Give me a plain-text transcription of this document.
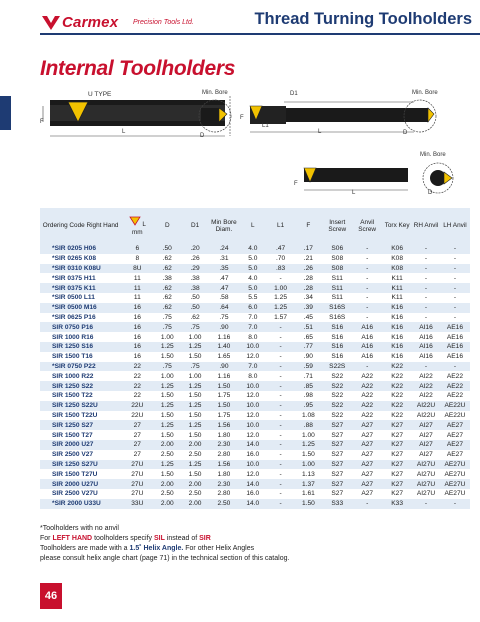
Carmex Precision Tools Ltd.	Thread Turning Toolholders
Internal Toolholders
U TYPE
F
L
Min. Bore
D
D1
F
L1
L
Min. Bore
D
F
L
Min. Bore
D
Ordering Code Right Hand	L
mm	D	D1	Min Bore Diam.	L	L1	F	Insert Screw	Anvil Screw	Torx Key	RH Anvil	LH Anvil
*SIR 0205 H06	6	.50	.20	.24	4.0	.47	.17	S06	-	K06	-	-
*SIR 0265 K08	8	.62	.26	.31	5.0	.70	.21	S08	-	K08	-	-
*SIR 0310 K08U	8U	.62	.29	.35	5.0	.83	.26	S08	-	K08	-	-
*SIR 0375 H11	11	.38	.38	.47	4.0	-	.28	S11	-	K11	-	-
*SIR 0375 K11	11	.62	.38	.47	5.0	1.00	.28	S11	-	K11	-	-
*SIR 0500 L11	11	.62	.50	.58	5.5	1.25	.34	S11	-	K11	-	-
*SIR 0500 M16	16	.62	.50	.64	6.0	1.25	.39	S16S	-	K16	-	-
*SIR 0625 P16	16	.75	.62	.75	7.0	1.57	.45	S16S	-	K16	-	-
SIR 0750 P16	16	.75	.75	.90	7.0	-	.51	S16	A16	K16	AI16	AE16
SIR 1000 R16	16	1.00	1.00	1.16	8.0	-	.65	S16	A16	K16	AI16	AE16
SIR 1250 S16	16	1.25	1.25	1.40	10.0	-	.77	S16	A16	K16	AI16	AE16
SIR 1500 T16	16	1.50	1.50	1.65	12.0	-	.90	S16	A16	K16	AI16	AE16
*SIR 0750 P22	22	.75	.75	.90	7.0	-	.59	S22S	-	K22	-	-
SIR 1000 R22	22	1.00	1.00	1.16	8.0	-	.71	S22	A22	K22	AI22	AE22
SIR 1250 S22	22	1.25	1.25	1.50	10.0	-	.85	S22	A22	K22	AI22	AE22
SIR 1500 T22	22	1.50	1.50	1.75	12.0	-	.98	S22	A22	K22	AI22	AE22
SIR 1250 S22U	22U	1.25	1.25	1.50	10.0	-	.95	S22	A22	K22	AI22U	AE22U
SIR 1500 T22U	22U	1.50	1.50	1.75	12.0	-	1.08	S22	A22	K22	AI22U	AE22U
SIR 1250 S27	27	1.25	1.25	1.56	10.0	-	.88	S27	A27	K27	AI27	AE27
SIR 1500 T27	27	1.50	1.50	1.80	12.0	-	1.00	S27	A27	K27	AI27	AE27
SIR 2000 U27	27	2.00	2.00	2.30	14.0	-	1.25	S27	A27	K27	AI27	AE27
SIR 2500 V27	27	2.50	2.50	2.80	16.0	-	1.50	S27	A27	K27	AI27	AE27
SIR 1250 S27U	27U	1.25	1.25	1.56	10.0	-	1.00	S27	A27	K27	AI27U	AE27U
SIR 1500 T27U	27U	1.50	1.50	1.80	12.0	-	1.13	S27	A27	K27	AI27U	AE27U
SIR 2000 U27U	27U	2.00	2.00	2.30	14.0	-	1.37	S27	A27	K27	AI27U	AE27U
SIR 2500 V27U	27U	2.50	2.50	2.80	16.0	-	1.61	S27	A27	K27	AI27U	AE27U
*SIR 2000 U33U	33U	2.00	2.00	2.50	14.0	-	1.50	S33	-	K33	-	-
*Toolholders with no anvil
For LEFT HAND toolholders specify SIL instead of SIR
Toolholders are made with a 1.5˚ Helix Angle. For other Helix Angles
please consult helix angle chart (page 71) in the technical section of this catalog.
46
